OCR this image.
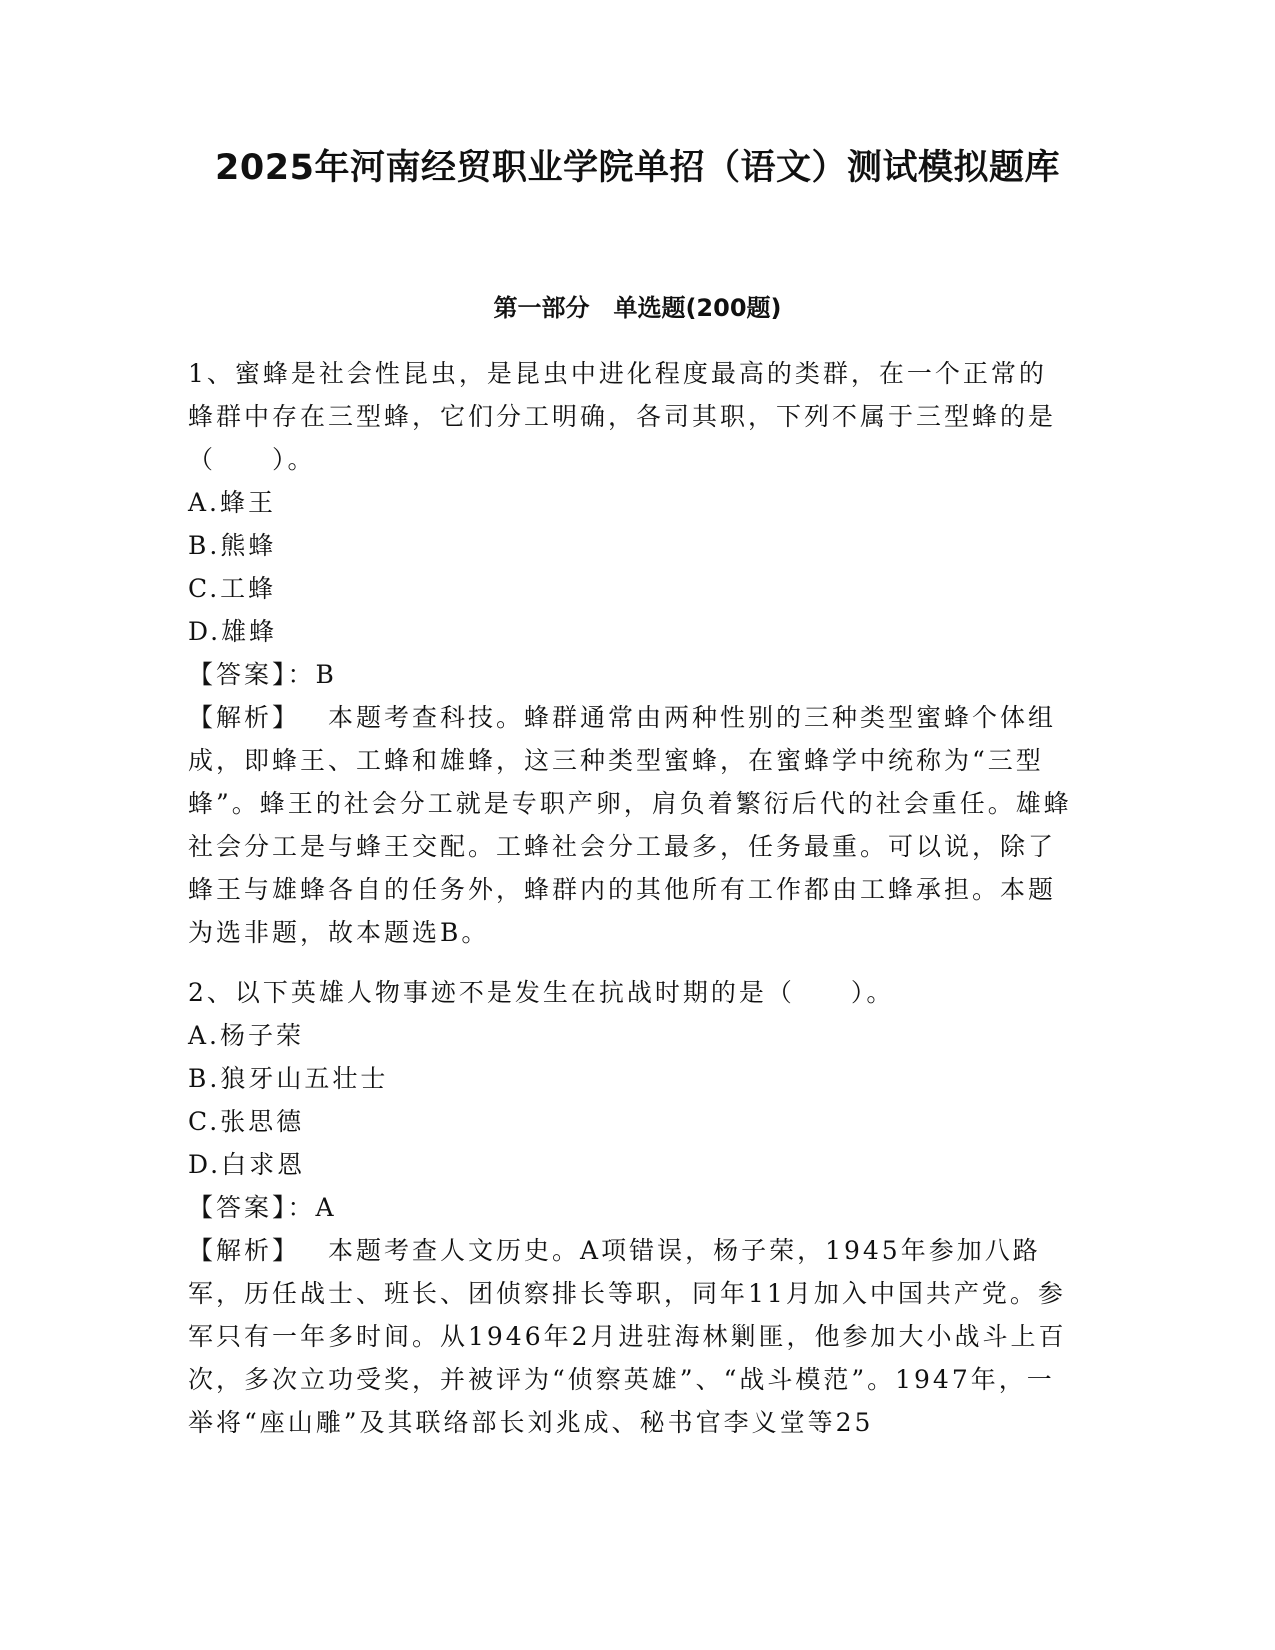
2025年河南经贸职业学院单招（语文）测试模拟题库
第一部分　单选题(200题)

1、蜜蜂是社会性昆虫，是昆虫中进化程度最高的类群，在一个正常的蜂群中存在三型蜂，它们分工明确，各司其职，下列不属于三型蜂的是（　　）。

A.蜂王

B.熊蜂

C.工蜂

D.雄蜂

【答案】：B

【解析】 本题考查科技。蜂群通常由两种性别的三种类型蜜蜂个体组成，即蜂王、工蜂和雄蜂，这三种类型蜜蜂，在蜜蜂学中统称为“三型蜂”。蜂王的社会分工就是专职产卵，肩负着繁衍后代的社会重任。雄蜂社会分工是与蜂王交配。工蜂社会分工最多，任务最重。可以说，除了蜂王与雄蜂各自的任务外，蜂群内的其他所有工作都由工蜂承担。本题为选非题，故本题选B。

2、以下英雄人物事迹不是发生在抗战时期的是（　　）。

A.杨子荣

B.狼牙山五壮士

C.张思德

D.白求恩

【答案】：A

【解析】 本题考查人文历史。A项错误，杨子荣，1945年参加八路军，历任战士、班长、团侦察排长等职，同年11月加入中国共产党。参军只有一年多时间。从1946年2月进驻海林剿匪，他参加大小战斗上百次，多次立功受奖，并被评为“侦察英雄”、“战斗模范”。1947年，一举将“座山雕”及其联络部长刘兆成、秘书官李义堂等25
